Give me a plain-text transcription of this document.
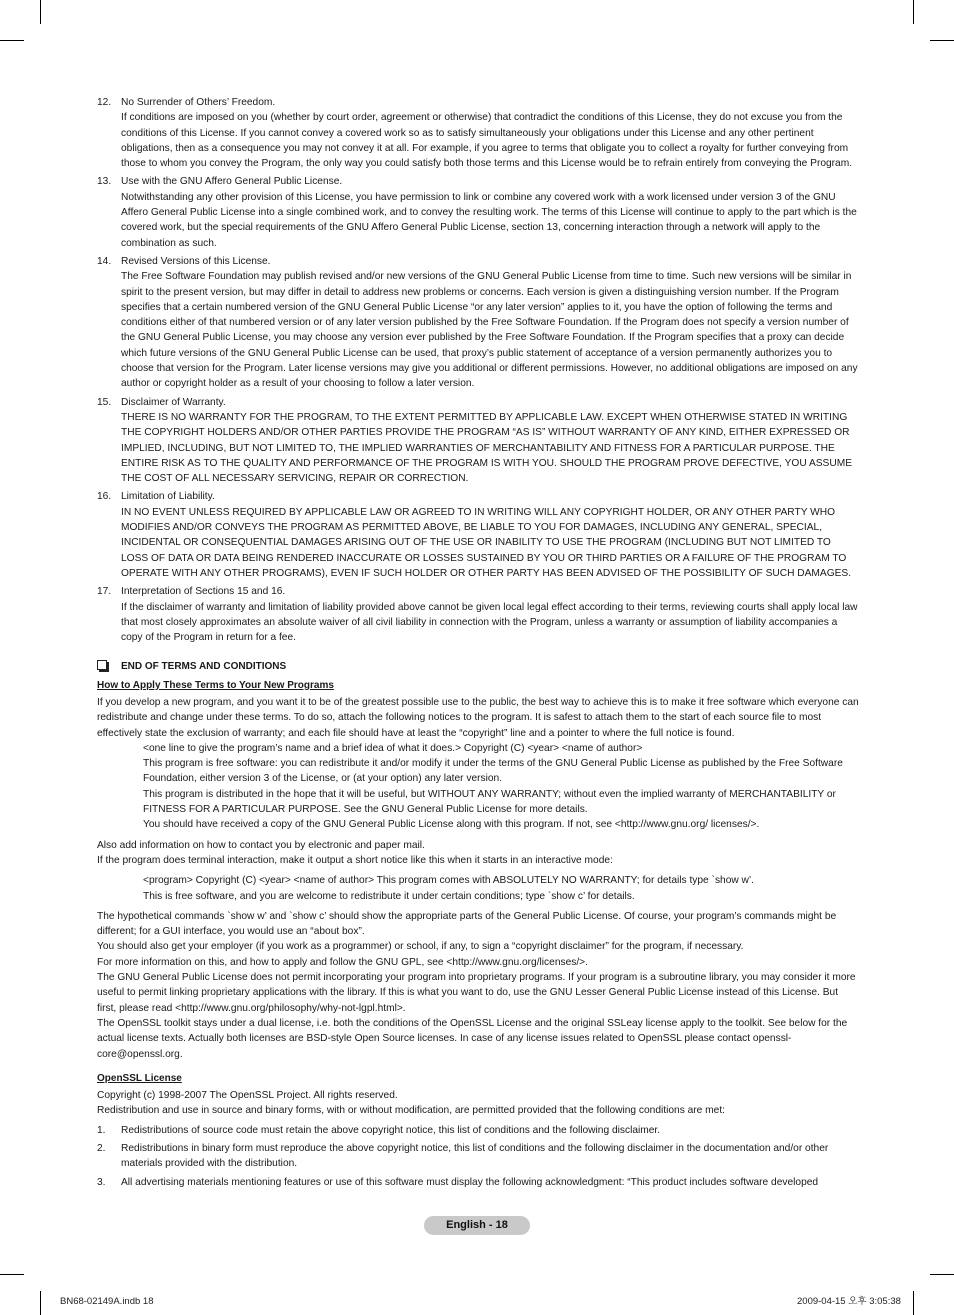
12. No Surrender of Others’ Freedom.

If conditions are imposed on you (whether by court order, agreement or otherwise) that contradict the conditions of this License, they do not excuse you from the conditions of this License. If you cannot convey a covered work so as to satisfy simultaneously your obligations under this License and any other pertinent obligations, then as a consequence you may not convey it at all. For example, if you agree to terms that obligate you to collect a royalty for further conveying from those to whom you convey the Program, the only way you could satisfy both those terms and this License would be to refrain entirely from conveying the Program.

13. Use with the GNU Affero General Public License.

Notwithstanding any other provision of this License, you have permission to link or combine any covered work with a work licensed under version 3 of the GNU Affero General Public License into a single combined work, and to convey the resulting work. The terms of this License will continue to apply to the part which is the covered work, but the special requirements of the GNU Affero General Public License, section 13, concerning interaction through a network will apply to the combination as such.

14. Revised Versions of this License.

The Free Software Foundation may publish revised and/or new versions of the GNU General Public License from time to time. Such new versions will be similar in spirit to the present version, but may differ in detail to address new problems or concerns. Each version is given a distinguishing version number. If the Program specifies that a certain numbered version of the GNU General Public License “or any later version” applies to it, you have the option of following the terms and conditions either of that numbered version or of any later version published by the Free Software Foundation. If the Program does not specify a version number of the GNU General Public License, you may choose any version ever published by the Free Software Foundation. If the Program specifies that a proxy can decide which future versions of the GNU General Public License can be used, that proxy’s public statement of acceptance of a version permanently authorizes you to choose that version for the Program. Later license versions may give you additional or different permissions. However, no additional obligations are imposed on any author or copyright holder as a result of your choosing to follow a later version.

15. Disclaimer of Warranty.

THERE IS NO WARRANTY FOR THE PROGRAM, TO THE EXTENT PERMITTED BY APPLICABLE LAW. EXCEPT WHEN OTHERWISE STATED IN WRITING THE COPYRIGHT HOLDERS AND/OR OTHER PARTIES PROVIDE THE PROGRAM “AS IS” WITHOUT WARRANTY OF ANY KIND, EITHER EXPRESSED OR IMPLIED, INCLUDING, BUT NOT LIMITED TO, THE IMPLIED WARRANTIES OF MERCHANTABILITY AND FITNESS FOR A PARTICULAR PURPOSE. THE ENTIRE RISK AS TO THE QUALITY AND PERFORMANCE OF THE PROGRAM IS WITH YOU. SHOULD THE PROGRAM PROVE DEFECTIVE, YOU ASSUME THE COST OF ALL NECESSARY SERVICING, REPAIR OR CORRECTION.

16. Limitation of Liability.

IN NO EVENT UNLESS REQUIRED BY APPLICABLE LAW OR AGREED TO IN WRITING WILL ANY COPYRIGHT HOLDER, OR ANY OTHER PARTY WHO MODIFIES AND/OR CONVEYS THE PROGRAM AS PERMITTED ABOVE, BE LIABLE TO YOU FOR DAMAGES, INCLUDING ANY GENERAL, SPECIAL, INCIDENTAL OR CONSEQUENTIAL DAMAGES ARISING OUT OF THE USE OR INABILITY TO USE THE PROGRAM (INCLUDING BUT NOT LIMITED TO LOSS OF DATA OR DATA BEING RENDERED INACCURATE OR LOSSES SUSTAINED BY YOU OR THIRD PARTIES OR A FAILURE OF THE PROGRAM TO OPERATE WITH ANY OTHER PROGRAMS), EVEN IF SUCH HOLDER OR OTHER PARTY HAS BEEN ADVISED OF THE POSSIBILITY OF SUCH DAMAGES.

17. Interpretation of Sections 15 and 16.

If the disclaimer of warranty and limitation of liability provided above cannot be given local legal effect according to their terms, reviewing courts shall apply local law that most closely approximates an absolute waiver of all civil liability in connection with the Program, unless a warranty or assumption of liability accompanies a copy of the Program in return for a fee.

END OF TERMS AND CONDITIONS
How to Apply These Terms to Your New Programs

If you develop a new program, and you want it to be of the greatest possible use to the public, the best way to achieve this is to make it free software which everyone can redistribute and change under these terms. To do so, attach the following notices to the program. It is safest to attach them to the start of each source file to most effectively state the exclusion of warranty; and each file should have at least the “copyright” line and a pointer to where the full notice is found.

<one line to give the program’s name and a brief idea of what it does.> Copyright (C) <year> <name of author>

This program is free software: you can redistribute it and/or modify it under the terms of the GNU General Public License as published by the Free Software Foundation, either version 3 of the License, or (at your option) any later version.

This program is distributed in the hope that it will be useful, but WITHOUT ANY WARRANTY; without even the implied warranty of MERCHANTABILITY or FITNESS FOR A PARTICULAR PURPOSE. See the GNU General Public License for more details.

You should have received a copy of the GNU General Public License along with this program. If not, see <http://www.gnu.org/ licenses/>.

Also add information on how to contact you by electronic and paper mail.

If the program does terminal interaction, make it output a short notice like this when it starts in an interactive mode:

<program> Copyright (C) <year> <name of author> This program comes with ABSOLUTELY NO WARRANTY; for details type `show w’.

This is free software, and you are welcome to redistribute it under certain conditions; type `show c’ for details.

The hypothetical commands `show w’ and `show c’ should show the appropriate parts of the General Public License. Of course, your program’s commands might be different; for a GUI interface, you would use an “about box”.

You should also get your employer (if you work as a programmer) or school, if any, to sign a “copyright disclaimer” for the program, if necessary.

For more information on this, and how to apply and follow the GNU GPL, see <http://www.gnu.org/licenses/>.

The GNU General Public License does not permit incorporating your program into proprietary programs. If your program is a subroutine library, you may consider it more useful to permit linking proprietary applications with the library. If this is what you want to do, use the GNU Lesser General Public License instead of this License. But first, please read <http://www.gnu.org/philosophy/why-not-lgpl.html>.

The OpenSSL toolkit stays under a dual license, i.e. both the conditions of the OpenSSL License and the original SSLeay license apply to the toolkit. See below for the actual license texts. Actually both licenses are BSD-style Open Source licenses. In case of any license issues related to OpenSSL please contact openssl-core@openssl.org.

OpenSSL License

Copyright (c) 1998-2007 The OpenSSL Project. All rights reserved.

Redistribution and use in source and binary forms, with or without modification, are permitted provided that the following conditions are met:

1. Redistributions of source code must retain the above copyright notice, this list of conditions and the following disclaimer.
2. Redistributions in binary form must reproduce the above copyright notice, this list of conditions and the following disclaimer in the documentation and/or other materials provided with the distribution.
3. All advertising materials mentioning features or use of this software must display the following acknowledgment: “This product includes software developed
English - 18
BN68-02149A.indb 18	2009-04-15 오후 3:05:38
